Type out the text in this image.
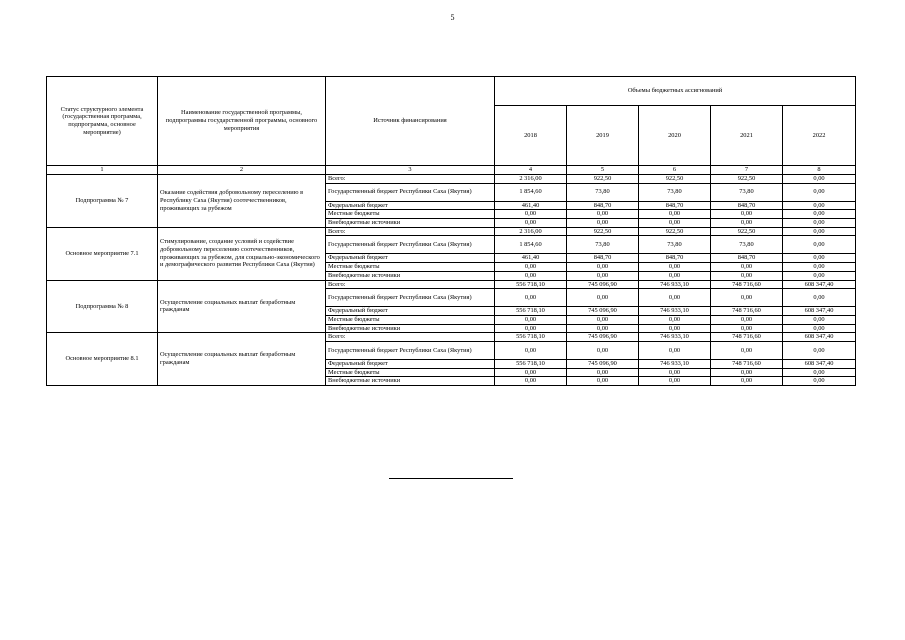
5
Статус структурного элемента (государственная программа, подпрограмма, основное мероприятие)	Наименование государственной программы, подпрограммы государственной программы, основного мероприятия	Источник финансирования	Объемы бюджетных ассигнований				
			2018	2019	2020	2021	2022
1	2	3	4	5	6	7	8
Подпрограмма № 7	Оказание содействия добровольному переселению в Республику Саха (Якутия) соотечественников, проживающих за рубежом	Всего:	2 316,00	922,50	922,50	922,50	0,00
		Государственный бюджет Республики Саха (Якутия)	1 854,60	73,80	73,80	73,80	0,00
		Федеральный бюджет	461,40	848,70	848,70	848,70	0,00
		Местные бюджеты	0,00	0,00	0,00	0,00	0,00
		Внебюджетные источники	0,00	0,00	0,00	0,00	0,00
Основное мероприятие 7.1	Стимулирование, создание условий и содействие добровольному переселению соотечественников, проживающих за рубежом, для социально-экономического и демографического развития Республики Саха (Якутия)	Всего:	2 316,00	922,50	922,50	922,50	0,00
		Государственный бюджет Республики Саха (Якутия)	1 854,60	73,80	73,80	73,80	0,00
		Федеральный бюджет	461,40	848,70	848,70	848,70	0,00
		Местные бюджеты	0,00	0,00	0,00	0,00	0,00
		Внебюджетные источники	0,00	0,00	0,00	0,00	0,00
Подпрограмма № 8	Осуществление социальных выплат безработным гражданам	Всего:	556 718,10	745 096,90	746 933,10	748 716,60	608 347,40
		Государственный бюджет Республики Саха (Якутия)	0,00	0,00	0,00	0,00	0,00
		Федеральный бюджет	556 718,10	745 096,90	746 933,10	748 716,60	608 347,40
		Местные бюджеты	0,00	0,00	0,00	0,00	0,00
		Внебюджетные источники	0,00	0,00	0,00	0,00	0,00
Основное мероприятие 8.1	Осуществление социальных выплат безработным гражданам	Всего:	556 718,10	745 096,90	746 933,10	748 716,60	608 347,40
		Государственный бюджет Республики Саха (Якутия)	0,00	0,00	0,00	0,00	0,00
		Федеральный бюджет	556 718,10	745 096,90	746 933,10	748 716,60	608 347,40
		Местные бюджеты	0,00	0,00	0,00	0,00	0,00
		Внебюджетные источники	0,00	0,00	0,00	0,00	0,00
